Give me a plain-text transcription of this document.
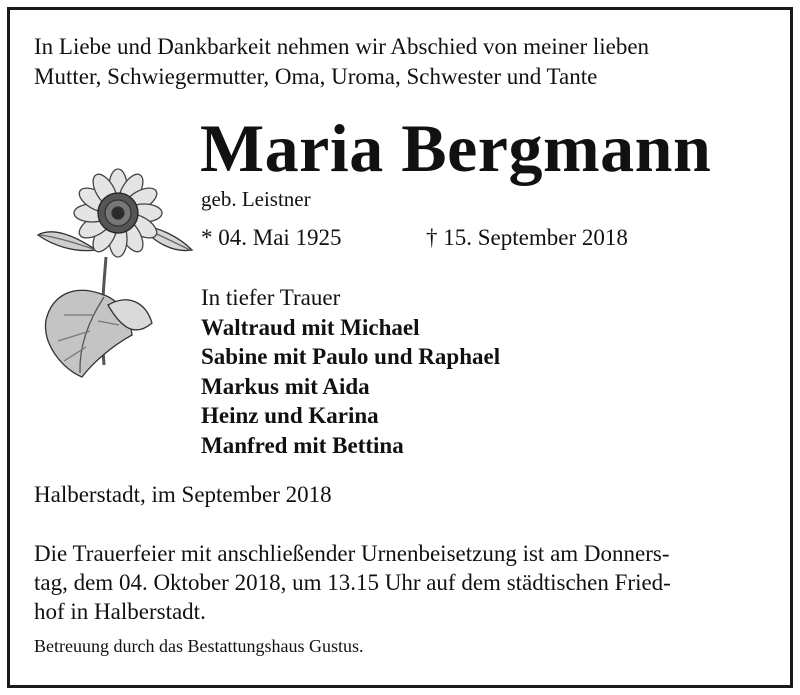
In Liebe und Dankbarkeit nehmen wir Abschied von meiner lieben
Mutter, Schwiegermutter, Oma, Uroma, Schwester und Tante
Maria Bergmann
geb. Leistner
* 04. Mai 1925	† 15. September 2018
In tiefer Trauer
Waltraud mit Michael
Sabine mit Paulo und Raphael
Markus mit Aida
Heinz und Karina
Manfred mit Bettina
Halberstadt, im September 2018
Die Trauerfeier mit anschließender Urnenbeisetzung ist am Donners-
tag, dem 04. Oktober 2018, um 13.15 Uhr auf dem städtischen Fried-
hof in Halberstadt.
Betreuung durch das Bestattungshaus Gustus.
